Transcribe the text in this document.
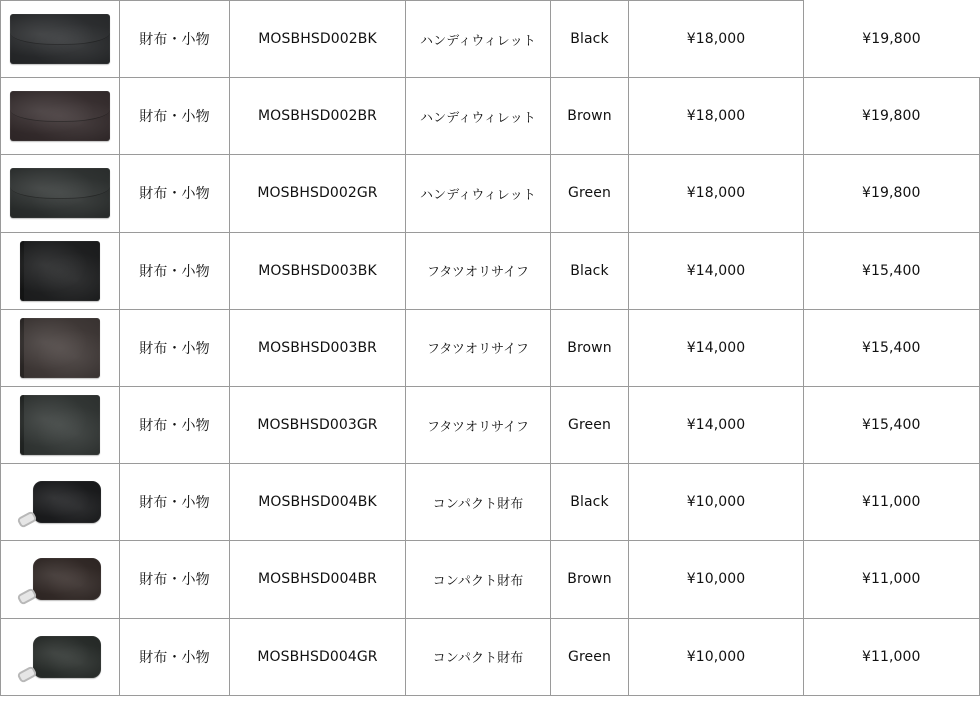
	財布・小物	MOSBHSD002BK	ハンディウィレット	Black	¥18,000	¥19,800

	財布・小物	MOSBHSD002BR	ハンディウィレット	Brown	¥18,000	¥19,800

	財布・小物	MOSBHSD002GR	ハンディウィレット	Green	¥18,000	¥19,800

	財布・小物	MOSBHSD003BK	フタツオリサイフ	Black	¥14,000	¥15,400

	財布・小物	MOSBHSD003BR	フタツオリサイフ	Brown	¥14,000	¥15,400

	財布・小物	MOSBHSD003GR	フタツオリサイフ	Green	¥14,000	¥15,400

	財布・小物	MOSBHSD004BK	コンパクト財布	Black	¥10,000	¥11,000

	財布・小物	MOSBHSD004BR	コンパクト財布	Brown	¥10,000	¥11,000

	財布・小物	MOSBHSD004GR	コンパクト財布	Green	¥10,000	¥11,000
